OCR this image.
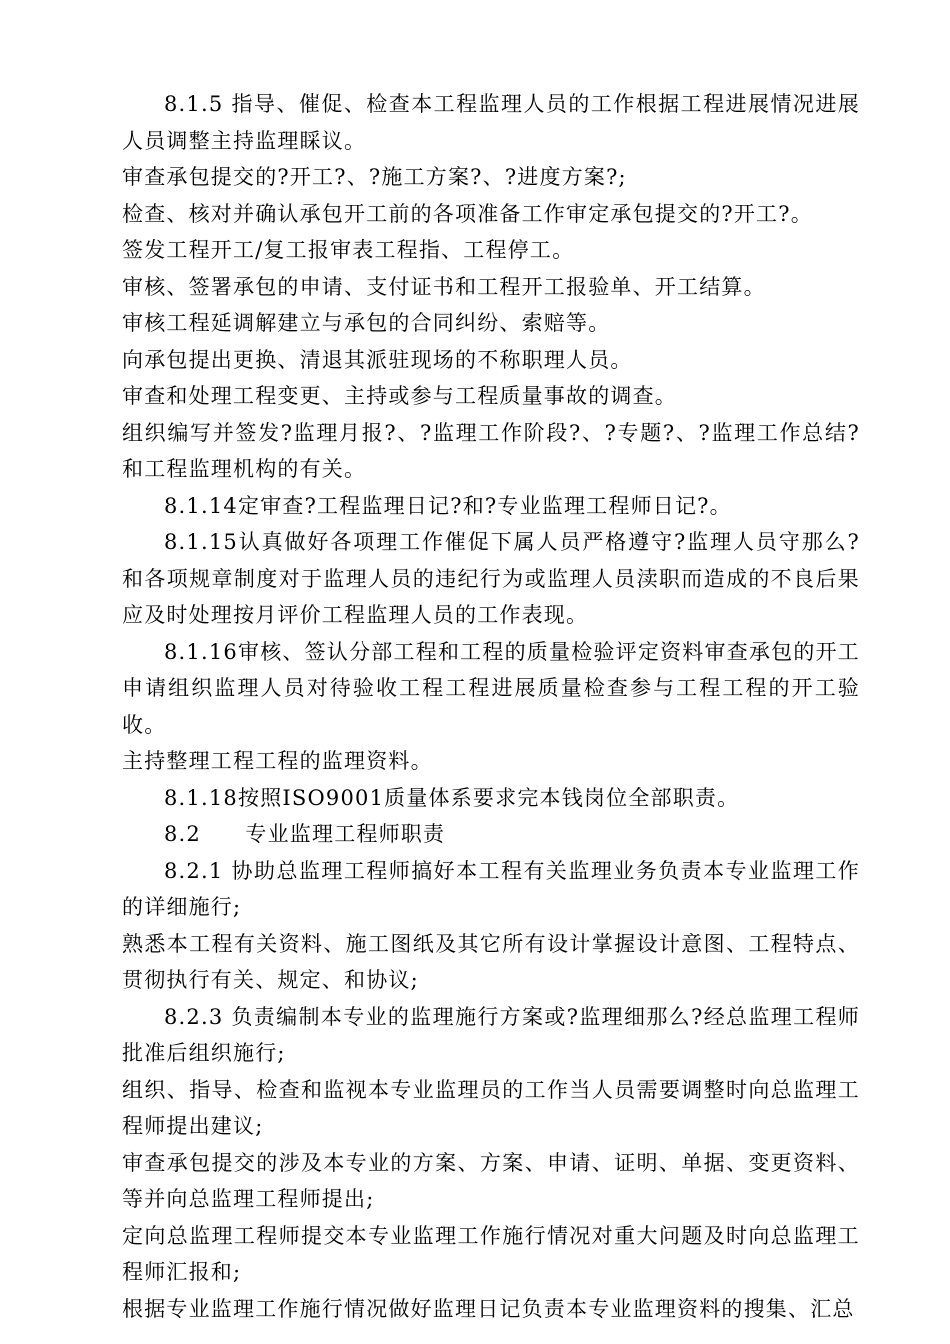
8.1.5 指导、催促、检查本工程监理人员的工作根据工程进展情况进展人员调整主持监理睬议。

审查承包提交的?开工?、?施工方案?、?进度方案?;

检查、核对并确认承包开工前的各项准备工作审定承包提交的?开工?。

签发工程开工/复工报审表工程指、工程停工。

审核、签署承包的申请、支付证书和工程开工报验单、开工结算。

审核工程延调解建立与承包的合同纠纷、索赔等。

向承包提出更换、清退其派驻现场的不称职理人员。

审查和处理工程变更、主持或参与工程质量事故的调查。

组织编写并签发?监理月报?、?监理工作阶段?、?专题?、?监理工作总结?和工程监理机构的有关。

8.1.14定审查?工程监理日记?和?专业监理工程师日记?。

8.1.15认真做好各项理工作催促下属人员严格遵守?监理人员守那么?和各项规章制度对于监理人员的违纪行为或监理人员渎职而造成的不良后果应及时处理按月评价工程监理人员的工作表现。

8.1.16审核、签认分部工程和工程的质量检验评定资料审查承包的开工申请组织监理人员对待验收工程工程进展质量检查参与工程工程的开工验收。

主持整理工程工程的监理资料。

8.1.18按照ISO9001质量体系要求完本钱岗位全部职责。

8.2　　专业监理工程师职责

8.2.1 协助总监理工程师搞好本工程有关监理业务负责本专业监理工作的详细施行;

熟悉本工程有关资料、施工图纸及其它所有设计掌握设计意图、工程特点、贯彻执行有关、规定、和协议;

8.2.3 负责编制本专业的监理施行方案或?监理细那么?经总监理工程师批准后组织施行;

组织、指导、检查和监视本专业监理员的工作当人员需要调整时向总监理工程师提出建议;

审查承包提交的涉及本专业的方案、方案、申请、证明、单据、变更资料、等并向总监理工程师提出;

定向总监理工程师提交本专业监理工作施行情况对重大问题及时向总监理工程师汇报和;

根据专业监理工作施行情况做好监理日记负责本专业监理资料的搜集、汇总
